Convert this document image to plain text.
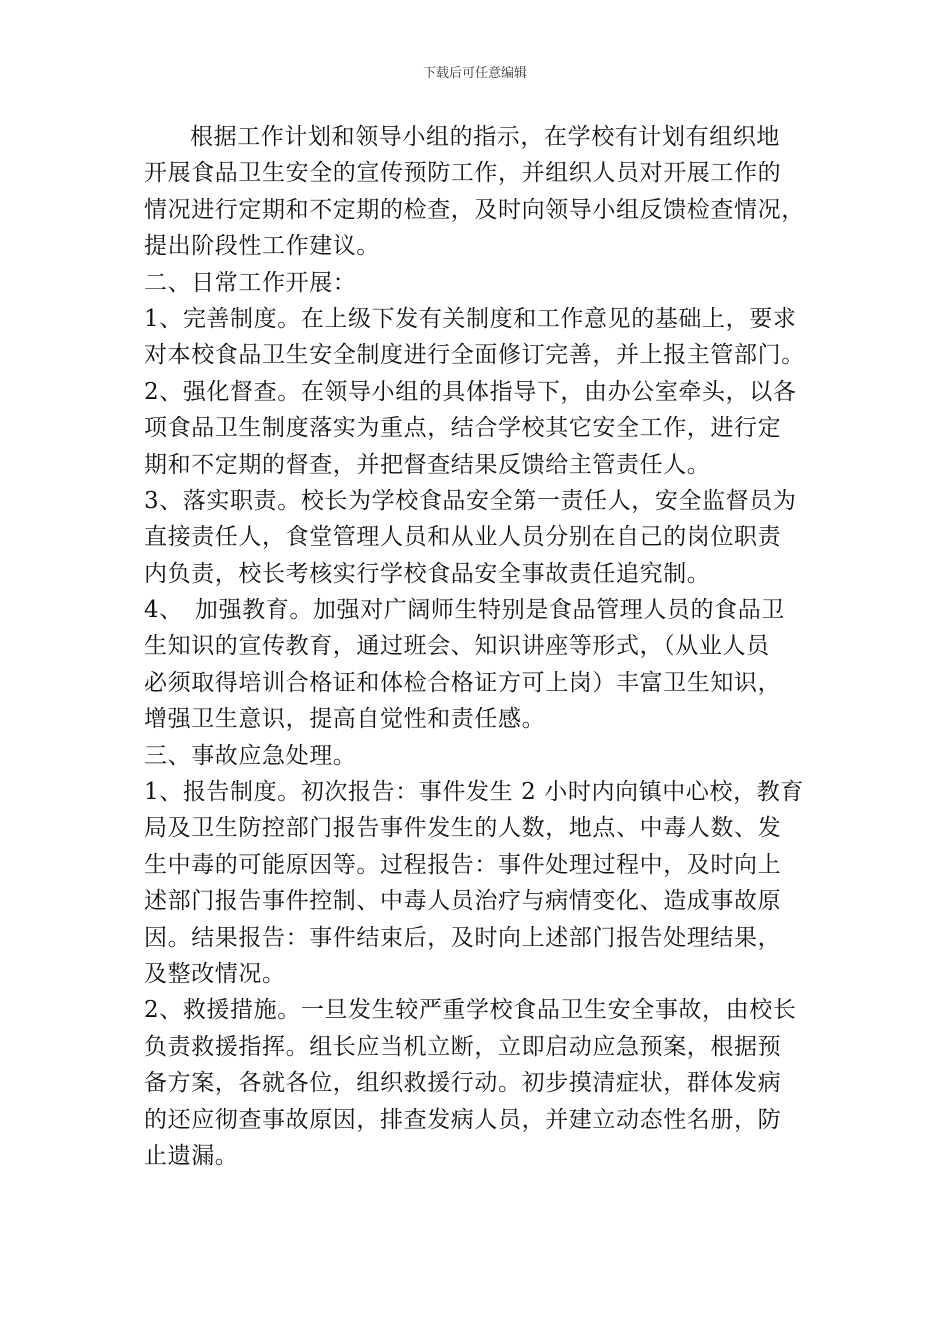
下载后可任意编辑
根据工作计划和领导小组的指示，在学校有计划有组织地
开展食品卫生安全的宣传预防工作，并组织人员对开展工作的
情况进行定期和不定期的检查，及时向领导小组反馈检查情况，
提出阶段性工作建议。
二、日常工作开展：
1、完善制度。在上级下发有关制度和工作意见的基础上，要求
对本校食品卫生安全制度进行全面修订完善，并上报主管部门。
2、强化督查。在领导小组的具体指导下，由办公室牵头，以各
项食品卫生制度落实为重点，结合学校其它安全工作，进行定
期和不定期的督查，并把督查结果反馈给主管责任人。
3、落实职责。校长为学校食品安全第一责任人，安全监督员为
直接责任人，食堂管理人员和从业人员分别在自己的岗位职责
内负责，校长考核实行学校食品安全事故责任追究制。
4、　加强教育。加强对广阔师生特别是食品管理人员的食品卫
生知识的宣传教育，通过班会、知识讲座等形式，（从业人员
必须取得培训合格证和体检合格证方可上岗）丰富卫生知识，
增强卫生意识，提高自觉性和责任感。
三、事故应急处理。
1、报告制度。初次报告：事件发生 2 小时内向镇中心校，教育
局及卫生防控部门报告事件发生的人数，地点、中毒人数、发
生中毒的可能原因等。过程报告：事件处理过程中，及时向上
述部门报告事件控制、中毒人员治疗与病情变化、造成事故原
因。结果报告：事件结束后，及时向上述部门报告处理结果，
及整改情况。
2、救援措施。一旦发生较严重学校食品卫生安全事故，由校长
负责救援指挥。组长应当机立断，立即启动应急预案，根据预
备方案，各就各位，组织救援行动。初步摸清症状，群体发病
的还应彻查事故原因，排查发病人员，并建立动态性名册，防
止遗漏。
